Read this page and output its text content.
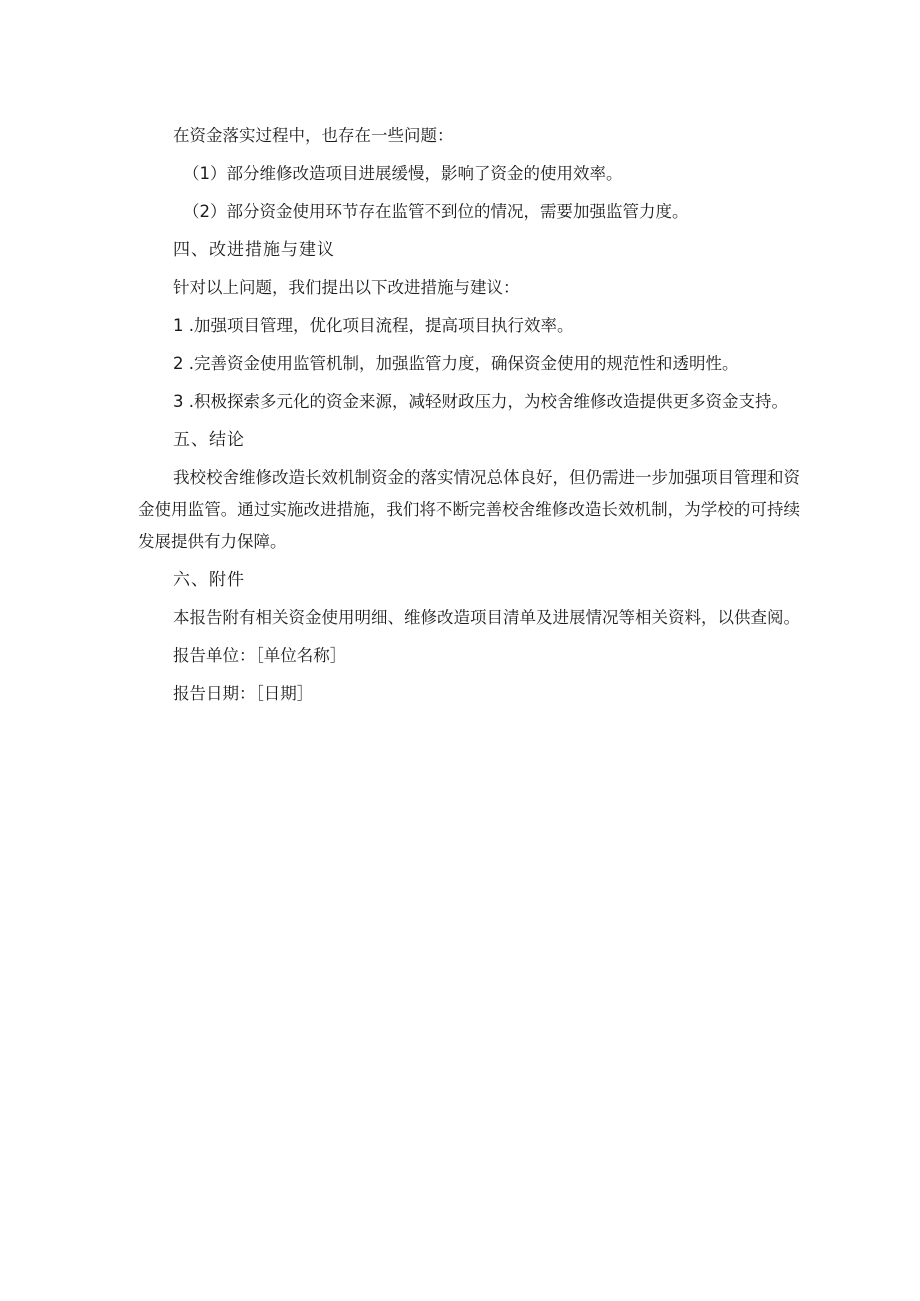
在资金落实过程中，也存在一些问题：

（1）部分维修改造项目进展缓慢，影响了资金的使用效率。

（2）部分资金使用环节存在监管不到位的情况，需要加强监管力度。

四、改进措施与建议

针对以上问题，我们提出以下改进措施与建议：

1 .加强项目管理，优化项目流程，提高项目执行效率。

2 .完善资金使用监管机制，加强监管力度，确保资金使用的规范性和透明性。

3 .积极探索多元化的资金来源，减轻财政压力，为校舍维修改造提供更多资金支持。

五、结论

我校校舍维修改造长效机制资金的落实情况总体良好，但仍需进一步加强项目管理和资金使用监管。通过实施改进措施，我们将不断完善校舍维修改造长效机制，为学校的可持续发展提供有力保障。

六、附件

本报告附有相关资金使用明细、维修改造项目清单及进展情况等相关资料，以供查阅。

报告单位：［单位名称］

报告日期：［日期］
